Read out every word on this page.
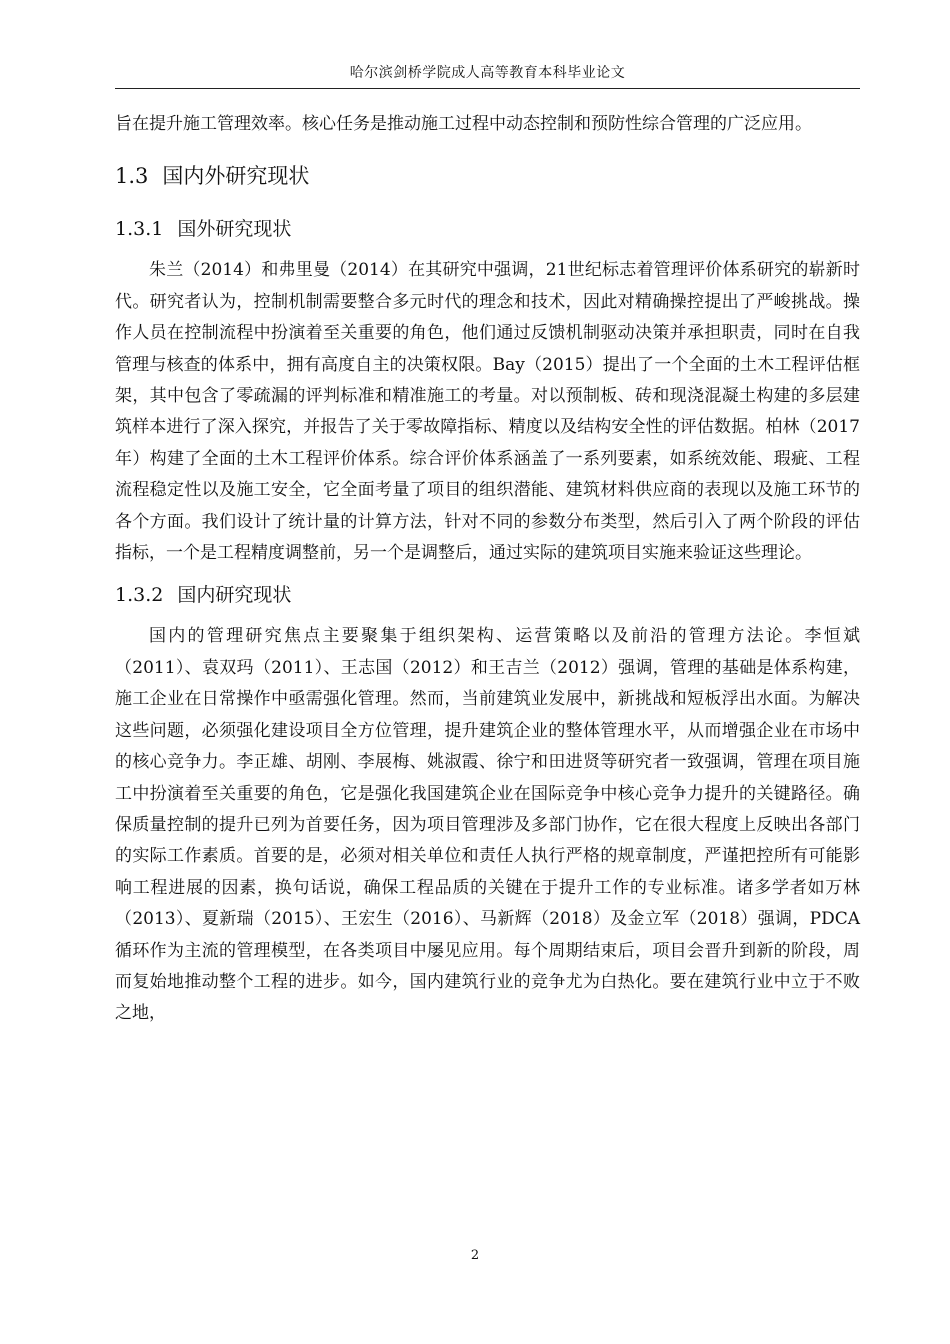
哈尔滨剑桥学院成人高等教育本科毕业论文

旨在提升施工管理效率。核心任务是推动施工过程中动态控制和预防性综合管理的广泛应用。

1.3 国内外研究现状
1.3.1 国外研究现状

朱兰（2014）和弗里曼（2014）在其研究中强调，21世纪标志着管理评价体系研究的崭新时代。研究者认为，控制机制需要整合多元时代的理念和技术，因此对精确操控提出了严峻挑战。操作人员在控制流程中扮演着至关重要的角色，他们通过反馈机制驱动决策并承担职责，同时在自我管理与核查的体系中，拥有高度自主的决策权限。Bay（2015）提出了一个全面的土木工程评估框架，其中包含了零疏漏的评判标准和精准施工的考量。对以预制板、砖和现浇混凝土构建的多层建筑样本进行了深入探究，并报告了关于零故障指标、精度以及结构安全性的评估数据。柏林（2017年）构建了全面的土木工程评价体系。综合评价体系涵盖了一系列要素，如系统效能、瑕疵、工程流程稳定性以及施工安全，它全面考量了项目的组织潜能、建筑材料供应商的表现以及施工环节的各个方面。我们设计了统计量的计算方法，针对不同的参数分布类型，然后引入了两个阶段的评估指标，一个是工程精度调整前，另一个是调整后，通过实际的建筑项目实施来验证这些理论。

1.3.2 国内研究现状

国内的管理研究焦点主要聚集于组织架构、运营策略以及前沿的管理方法论。李恒斌（2011）、袁双玛（2011）、王志国（2012）和王吉兰（2012）强调，管理的基础是体系构建，施工企业在日常操作中亟需强化管理。然而，当前建筑业发展中，新挑战和短板浮出水面。为解决这些问题，必须强化建设项目全方位管理，提升建筑企业的整体管理水平，从而增强企业在市场中的核心竞争力。李正雄、胡刚、李展梅、姚淑霞、徐宁和田进贤等研究者一致强调，管理在项目施工中扮演着至关重要的角色，它是强化我国建筑企业在国际竞争中核心竞争力提升的关键路径。确保质量控制的提升已列为首要任务，因为项目管理涉及多部门协作，它在很大程度上反映出各部门的实际工作素质。首要的是，必须对相关单位和责任人执行严格的规章制度，严谨把控所有可能影响工程进展的因素，换句话说，确保工程品质的关键在于提升工作的专业标准。诸多学者如万林（2013）、夏新瑞（2015）、王宏生（2016）、马新辉（2018）及金立军（2018）强调，PDCA循环作为主流的管理模型，在各类项目中屡见应用。每个周期结束后，项目会晋升到新的阶段，周而复始地推动整个工程的进步。如今，国内建筑行业的竞争尤为白热化。要在建筑行业中立于不败之地，

2
